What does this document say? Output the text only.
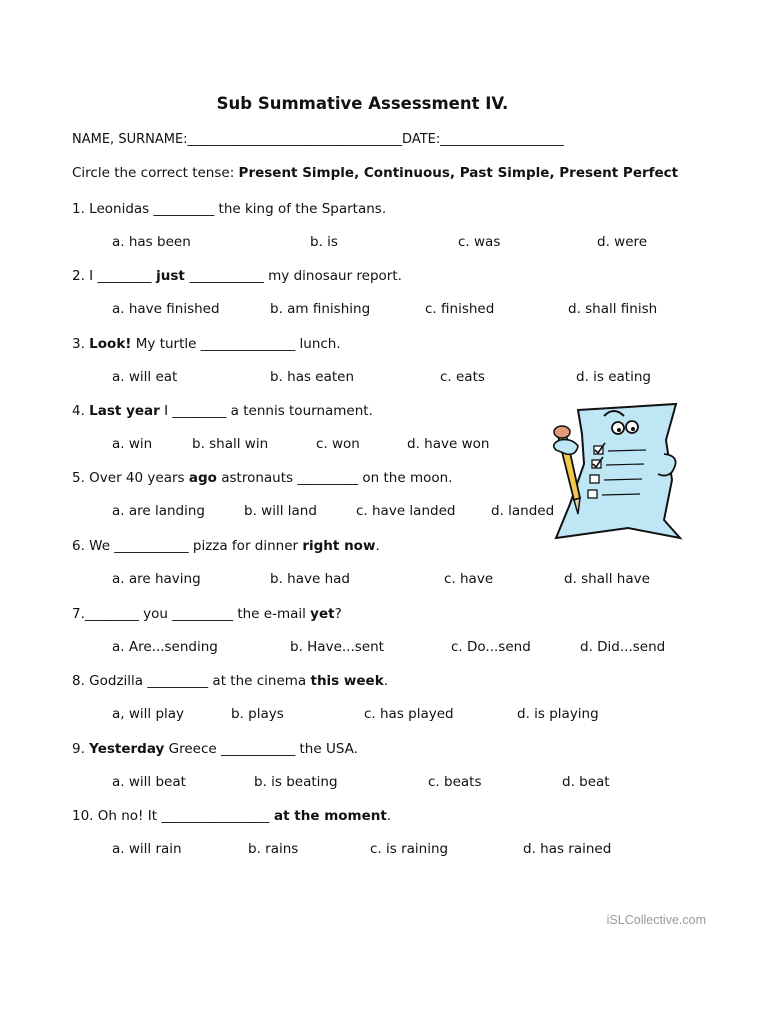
Sub Summative Assessment IV.
NAME, SURNAME:_________________________________DATE:___________________
Circle the correct tense: Present Simple, Continuous, Past Simple, Present Perfect
1. Leonidas _________ the king of the Spartans.
a. has been	b. is	c. was	d. were
2. I ________ just ___________ my dinosaur report.
a. have finished	b. am finishing	c. finished	d. shall finish
3. Look! My turtle ______________ lunch.
a. will eat	b. has eaten	c. eats	d. is eating
4. Last year I ________ a tennis tournament.
a. win	b. shall win	c. won	d. have won
5. Over 40 years ago astronauts _________ on the moon.
a. are landing	b. will land	c. have landed	d. landed
6. We ___________ pizza for dinner right now.
a. are having	b. have had	c. have	d. shall have
7.________ you _________ the e-mail yet?
a. Are...sending	b. Have...sent	c. Do...send	d. Did...send
8. Godzilla _________ at the cinema this week.
a, will play	b. plays	c. has played	d. is playing
9. Yesterday Greece ___________ the USA.
a. will beat	b. is beating	c. beats	d. beat
10. Oh no! It ________________ at the moment.
a. will rain	b. rains	c. is raining	d. has rained
iSLCollective.com
